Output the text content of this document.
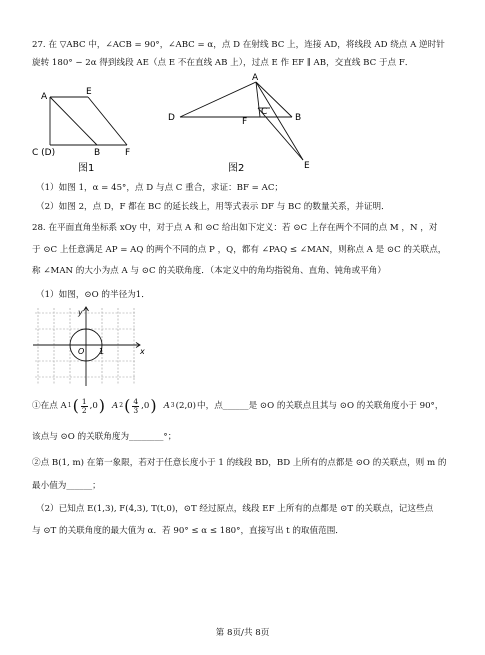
27. 在 ▽ABC 中，∠ACB = 90°，∠ABC = α，点 D 在射线 BC 上，连接 AD，将线段 AD 绕点 A 逆时针
旋转 180° − 2α 得到线段 AE（点 E 不在直线 AB 上），过点 E 作 EF ∥ AB，交直线 BC 于点 F．
A	E
C (D)	B	F
图1
A
D
C
B
F
E
图2
（1）如图 1，α = 45°，点 D 与点 C 重合，求证：BF = AC；
（2）如图 2，点 D，F 都在 BC 的延长线上，用等式表示 DF 与 BC 的数量关系，并证明．
28. 在平面直角坐标系 xOy 中，对于点 A 和 ⊙C 给出如下定义：若 ⊙C 上存在两个不同的点 M ，N ，对
于 ⊙C 上任意满足 AP = AQ 的两个不同的点 P ，Q，都有 ∠PAQ ≤ ∠MAN，则称点 A 是 ⊙C 的关联点，
称 ∠MAN 的大小为点 A 与 ⊙C 的关联角度．（本定义中的角均指锐角、直角、钝角或平角）
（1）如图，⊙O 的半径为1．
y
x
O 1
①在点 A 1 ( $\frac{1}{2} ,0$ ) A 2 ( $\frac{4}{3} ,0$ ) A 3 (2,0) 中，点______是 ⊙O 的关联点且其与 ⊙O 的关联角度小于 90°，
该点与 ⊙O 的关联角度为________°；
②点 B(1, m) 在第一象限，若对于任意长度小于 1 的线段 BD，BD 上所有的点都是 ⊙O 的关联点，则 m 的
最小值为______；
（2）已知点 E(1,3), F(4,3), T(t,0)，⊙T 经过原点，线段 EF 上所有的点都是 ⊙T 的关联点，记这些点
与 ⊙T 的关联角度的最大值为 α．若 90° ≤ α ≤ 180°，直接写出 t 的取值范围．
第 8页/共 8页
